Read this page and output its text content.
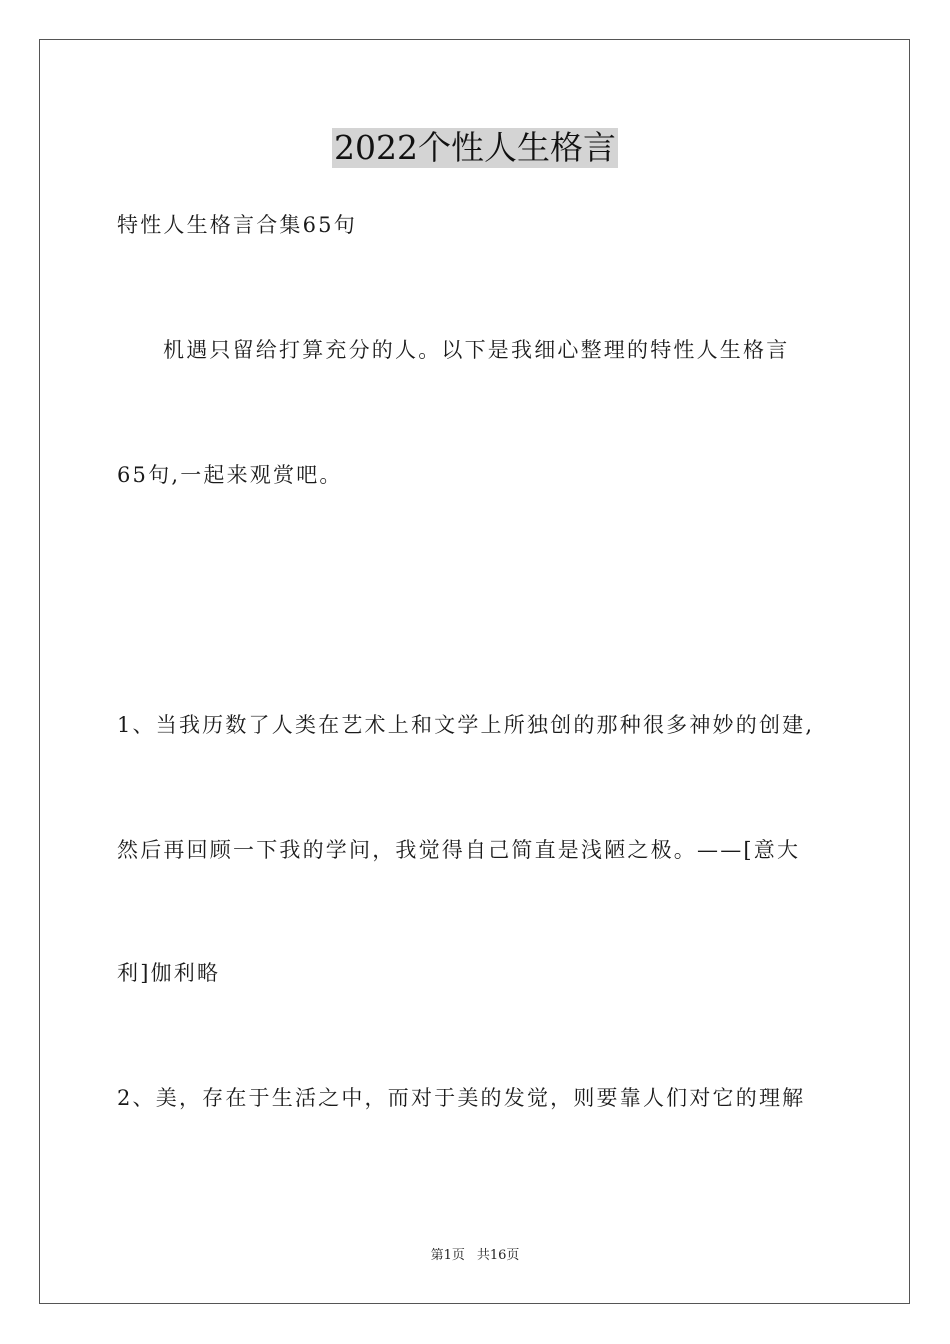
2022个性人生格言
特性人生格言合集65句
机遇只留给打算充分的人。以下是我细心整理的特性人生格言
65句,一起来观赏吧。
1、当我历数了人类在艺术上和文学上所独创的那种很多神妙的创建,
然后再回顾一下我的学问，我觉得自己简直是浅陋之极。——[意大
利]伽利略
2、美，存在于生活之中，而对于美的发觉，则要靠人们对它的理解
第1页 共16页
